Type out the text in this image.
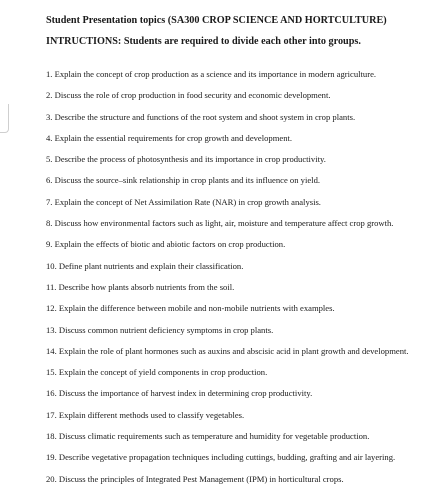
Student Presentation topics (SA300 CROP SCIENCE AND HORTCULTURE)

INTRUCTIONS: Students are required to divide each other into groups.

1. Explain the concept of crop production as a science and its importance in modern agriculture.
2. Discuss the role of crop production in food security and economic development.
3. Describe the structure and functions of the root system and shoot system in crop plants.
4. Explain the essential requirements for crop growth and development.
5. Describe the process of photosynthesis and its importance in crop productivity.
6. Discuss the source–sink relationship in crop plants and its influence on yield.
7. Explain the concept of Net Assimilation Rate (NAR) in crop growth analysis.
8. Discuss how environmental factors such as light, air, moisture and temperature affect crop growth.
9. Explain the effects of biotic and abiotic factors on crop production.
10. Define plant nutrients and explain their classification.
11. Describe how plants absorb nutrients from the soil.
12. Explain the difference between mobile and non-mobile nutrients with examples.
13. Discuss common nutrient deficiency symptoms in crop plants.
14. Explain the role of plant hormones such as auxins and abscisic acid in plant growth and development.
15. Explain the concept of yield components in crop production.
16. Discuss the importance of harvest index in determining crop productivity.
17. Explain different methods used to classify vegetables.
18. Discuss climatic requirements such as temperature and humidity for vegetable production.
19. Describe vegetative propagation techniques including cuttings, budding, grafting and air layering.
20. Discuss the principles of Integrated Pest Management (IPM) in horticultural crops.
